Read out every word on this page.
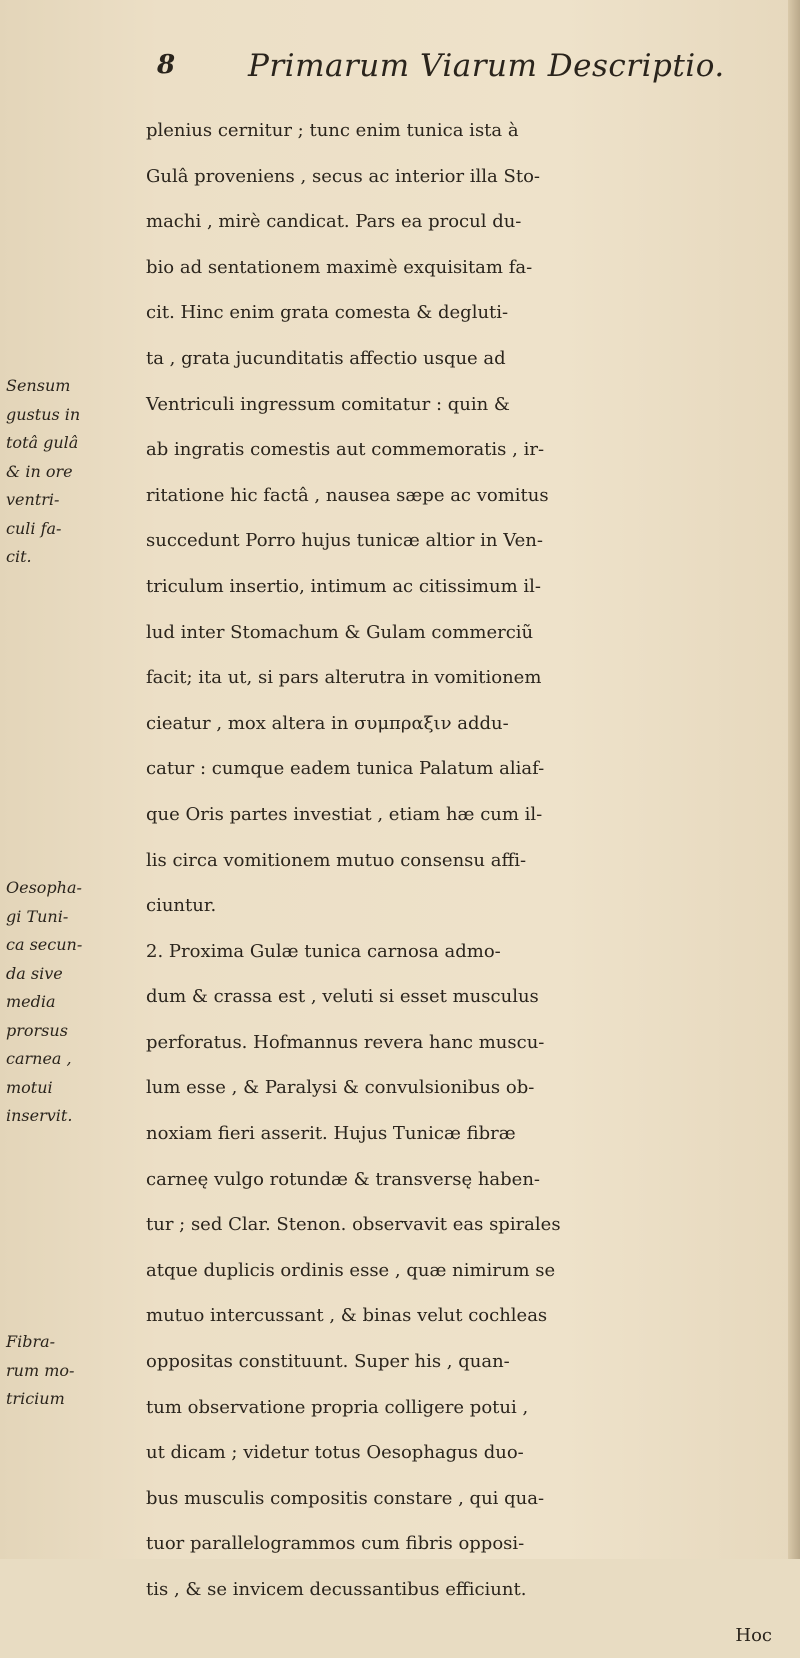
8 Primarum Viarum Descriptio.
plenius cernitur ; tunc enim tunica ista à
Gulâ proveniens , secus ac interior illa Sto-
machi , mirè candicat. Pars ea procul du-
bio ad sentationem maximè exquisitam fa-
cit. Hinc enim grata comesta & degluti-
ta , grata jucunditatis affectio usque ad
Ventriculi ingressum comitatur : quin &
ab ingratis comestis aut commemoratis , ir-
ritatione hic factâ , nausea sæpe ac vomitus
succedunt Porro hujus tunicæ altior in Ven-
triculum insertio, intimum ac citissimum il-
lud inter Stomachum & Gulam commerciũ
facit; ita ut, si pars alterutra in vomitionem
cieatur , mox altera in συμπραξιν addu-
catur : cumque eadem tunica Palatum aliaf-
que Oris partes investiat , etiam hæ cum il-
lis circa vomitionem mutuo consensu affi-
ciuntur.
2. Proxima Gulæ tunica carnosa admo-
dum & crassa est , veluti si esset musculus
perforatus. Hofmannus revera hanc muscu-
lum esse , & Paralysi & convulsionibus ob-
noxiam fieri asserit. Hujus Tunicæ fibræ
carneę vulgo rotundæ & transversę haben-
tur ; sed Clar. Stenon. observavit eas spirales
atque duplicis ordinis esse , quæ nimirum se
mutuo intercussant , & binas velut cochleas
oppositas constituunt. Super his , quan-
tum observatione propria colligere potui ,
ut dicam ; videtur totus Oesophagus duo-
bus musculis compositis constare , qui qua-
tuor parallelogrammos cum fibris opposi-
tis , & se invicem decussantibus efficiunt.
Hoc
Sensum
gustus in
totâ gulâ
& in ore
ventri-
culi fa-
cit.
Oesopha-
gi Tuni-
ca secun-
da sive
media
prorsus
carnea ,
motui
inservit.
Fibra-
rum mo-
tricium
